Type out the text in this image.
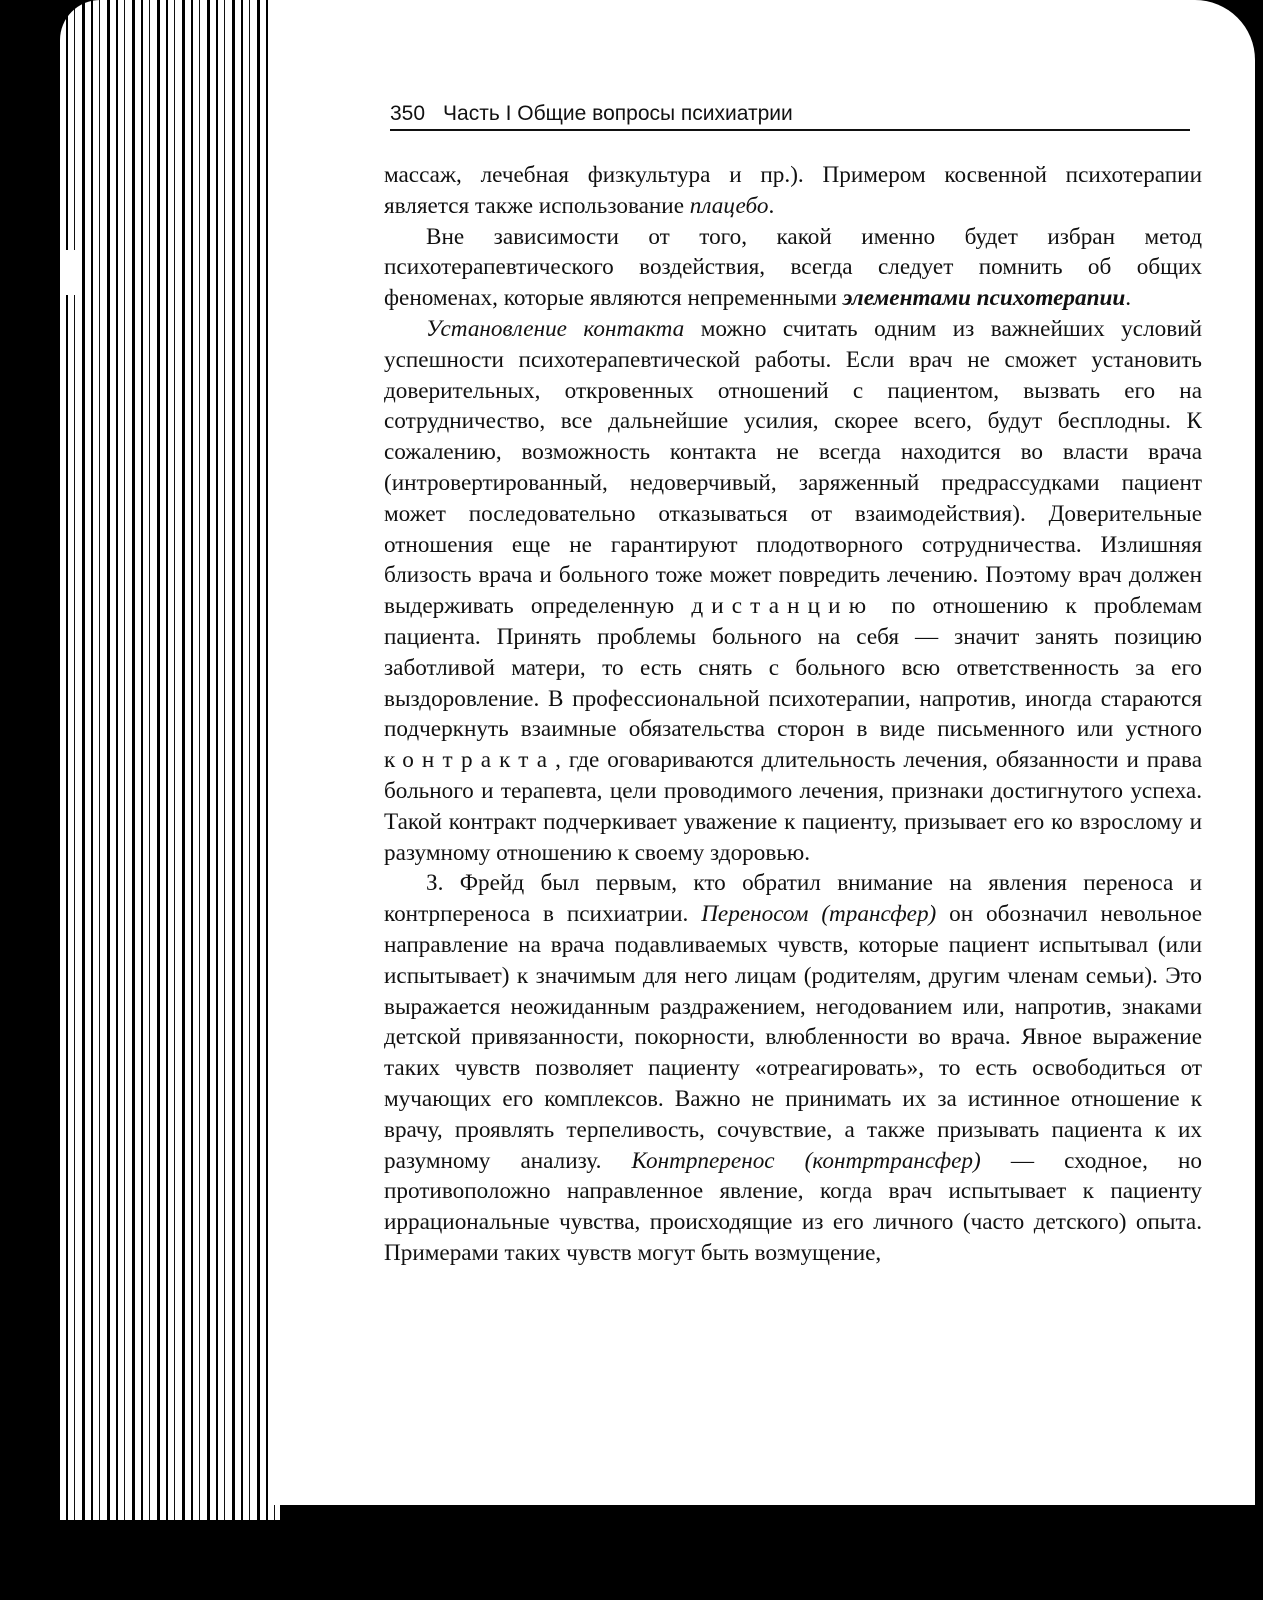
350 Часть I Общие вопросы психиатрии

массаж, лечебная физкультура и пр.). Примером косвенной психотерапии является также использование плацебо.

Вне зависимости от того, какой именно будет избран метод психотерапевтического воздействия, всегда следует помнить об общих феноменах, которые являются непременными элементами психотерапии.

Установление контакта можно считать одним из важнейших условий успешности психотерапевтической работы. Если врач не сможет установить доверительных, откровенных отношений с пациентом, вызвать его на сотрудничество, все дальнейшие усилия, скорее всего, будут бесплодны. К сожалению, возможность контакта не всегда находится во власти врача (интровертированный, недоверчивый, заряженный предрассудками пациент может последовательно отказываться от взаимодействия). Доверительные отношения еще не гарантируют плодотворного сотрудничества. Излишняя близость врача и больного тоже может повредить лечению. Поэтому врач должен выдерживать определенную дистанцию по отношению к проблемам пациента. Принять проблемы больного на себя — значит занять позицию заботливой матери, то есть снять с больного всю ответственность за его выздоровление. В профессиональной психотерапии, напротив, иногда стараются подчеркнуть взаимные обязательства сторон в виде письменного или устного контракта, где оговариваются длительность лечения, обязанности и права больного и терапевта, цели проводимого лечения, признаки достигнутого успеха. Такой контракт подчеркивает уважение к пациенту, призывает его ко взрослому и разумному отношению к своему здоровью.

З. Фрейд был первым, кто обратил внимание на явления переноса и контрпереноса в психиатрии. Переносом (трансфер) он обозначил невольное направление на врача подавливаемых чувств, которые пациент испытывал (или испытывает) к значимым для него лицам (родителям, другим членам семьи). Это выражается неожиданным раздражением, негодованием или, напротив, знаками детской привязанности, покорности, влюбленности во врача. Явное выражение таких чувств позволяет пациенту «отреагировать», то есть освободиться от мучающих его комплексов. Важно не принимать их за истинное отношение к врачу, проявлять терпеливость, сочувствие, а также призывать пациента к их разумному анализу. Контрперенос (контртрансфер) — сходное, но противоположно направленное явление, когда врач испытывает к пациенту иррациональные чувства, происходящие из его личного (часто детского) опыта. Примерами таких чувств могут быть возмущение,
